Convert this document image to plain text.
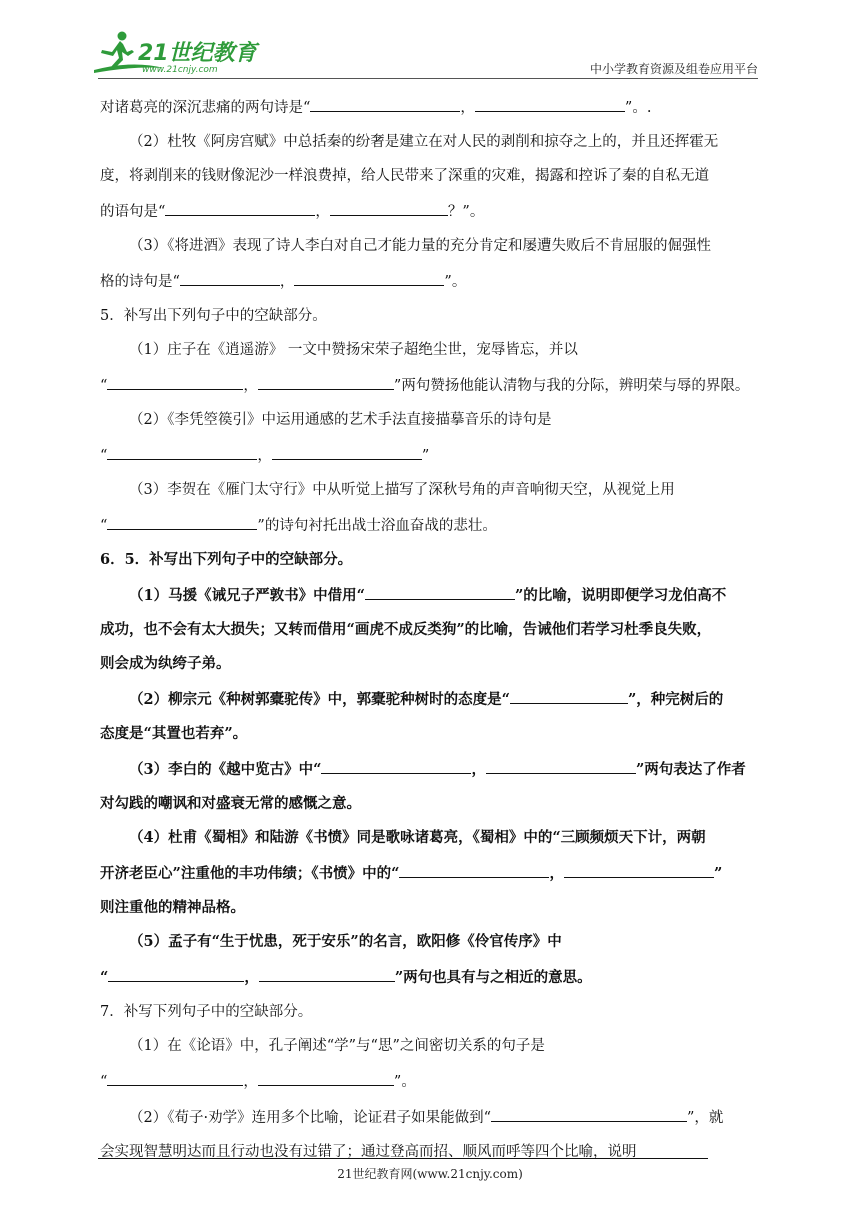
21世纪教育
www.21cnjy.com	中小学教育资源及组卷应用平台
对诸葛亮的深沉悲痛的两句诗是“	，	”。.
（2）杜牧《阿房宫赋》中总括秦的纷奢是建立在对人民的剥削和掠夺之上的，并且还挥霍无
度，将剥削来的钱财像泥沙一样浪费掉，给人民带来了深重的灾难，揭露和控诉了秦的自私无道
的语句是“	，	？”。
（3）《将进酒》表现了诗人李白对自己才能力量的充分肯定和屡遭失败后不肯屈服的倔强性
格的诗句是“	，	”。
5．补写出下列句子中的空缺部分。
（1）庄子在《逍遥游》 一文中赞扬宋荣子超绝尘世，宠辱皆忘，并以
“	，	”两句赞扬他能认清物与我的分际，辨明荣与辱的界限。
（2）《李凭箜篌引》中运用通感的艺术手法直接描摹音乐的诗句是
“	，	”
（3）李贺在《雁门太守行》中从听觉上描写了深秋号角的声音响彻天空，从视觉上用
“	”的诗句衬托出战士浴血奋战的悲壮。
6．5．补写出下列句子中的空缺部分。
（1）马援《诫兄子严敦书》中借用“	”的比喻，说明即便学习龙伯高不
成功，也不会有太大损失；又转而借用“画虎不成反类狗”的比喻，告诫他们若学习杜季良失败，
则会成为纨绔子弟。
（2）柳宗元《种树郭橐驼传》中，郭橐驼种树时的态度是“	”，种完树后的
态度是“其置也若弃”。
（3）李白的《越中览古》中“	，	”两句表达了作者
对勾践的嘲讽和对盛衰无常的感慨之意。
（4）杜甫《蜀相》和陆游《书愤》同是歌咏诸葛亮，《蜀相》中的“三顾频烦天下计，两朝
开济老臣心”注重他的丰功伟绩；《书愤》中的“	，	”
则注重他的精神品格。
（5）孟子有“生于忧患，死于安乐”的名言，欧阳修《伶官传序》中
“	，	”两句也具有与之相近的意思。
7．补写下列句子中的空缺部分。
（1）在《论语》中，孔子阐述“学”与“思”之间密切关系的句子是
“	，	”。
（2）《荀子·劝学》连用多个比喻，论证君子如果能做到“	”，就
会实现智慧明达而且行动也没有过错了；通过登高而招、顺风而呼等四个比喻，说明
21世纪教育网(www.21cnjy.com)
